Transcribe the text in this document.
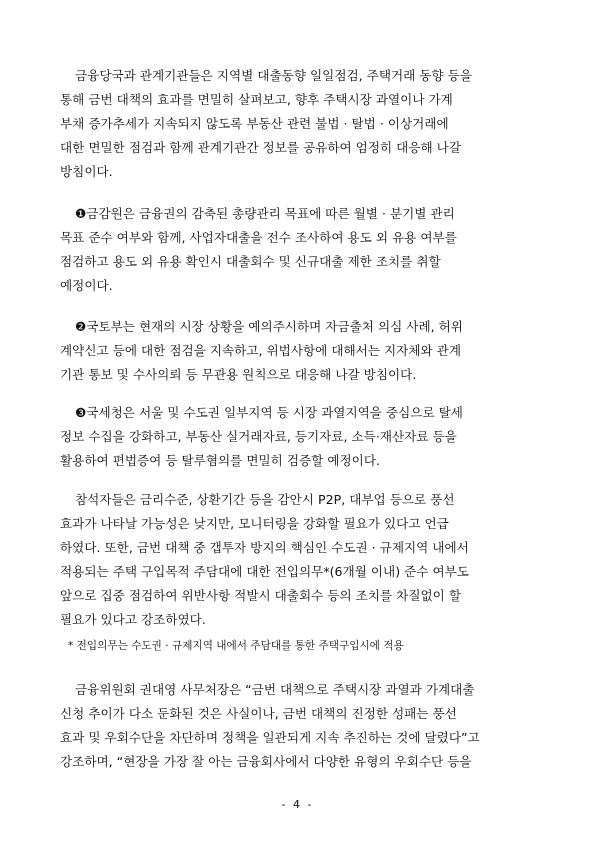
금융당국과 관계기관들은 지역별 대출동향 일일점검, 주택거래 동향 등을
통해 금번 대책의 효과를 면밀히 살펴보고, 향후 주택시장 과열이나 가계
부채 증가추세가 지속되지 않도록 부동산 관련 불법 · 탈법 · 이상거래에
대한 면밀한 점검과 함께 관계기관간 정보를 공유하여 엄정히 대응해 나갈
방침이다.
❶금감원은 금융권의 감축된 총량관리 목표에 따른 월별 · 분기별 관리
목표 준수 여부와 함께, 사업자대출을 전수 조사하여 용도 외 유용 여부를
점검하고 용도 외 유용 확인시 대출회수 및 신규대출 제한 조치를 취할
예정이다.
❷국토부는 현재의 시장 상황을 예의주시하며 자금출처 의심 사례, 허위
계약신고 등에 대한 점검을 지속하고, 위법사항에 대해서는 지자체와 관계
기관 통보 및 수사의뢰 등 무관용 원칙으로 대응해 나갈 방침이다.
❸국세청은 서울 및 수도권 일부지역 등 시장 과열지역을 중심으로 탈세
정보 수집을 강화하고, 부동산 실거래자료, 등기자료, 소득·재산자료 등을
활용하여 편법증여 등 탈루혐의를 면밀히 검증할 예정이다.
참석자들은 금리수준, 상환기간 등을 감안시 P2P, 대부업 등으로 풍선
효과가 나타날 가능성은 낮지만, 모니터링을 강화할 필요가 있다고 언급
하였다. 또한, 금번 대책 중 갭투자 방지의 핵심인 수도권 · 규제지역 내에서
적용되는 주택 구입목적 주담대에 대한 전입의무*(6개월 이내) 준수 여부도
앞으로 집중 점검하여 위반사항 적발시 대출회수 등의 조치를 차질없이 할
필요가 있다고 강조하였다.
금융위원회 권대영 사무처장은 “금번 대책으로 주택시장 과열과 가계대출
신청 추이가 다소 둔화된 것은 사실이나, 금번 대책의 진정한 성패는 풍선
효과 및 우회수단을 차단하며 정책을 일관되게 지속 추진하는 것에 달렸다”고
강조하며, “현장을 가장 잘 아는 금융회사에서 다양한 유형의 우회수단 등을
* 전입의무는 수도권 · 규제지역 내에서 주담대를 통한 주택구입시에 적용
- 4 -
